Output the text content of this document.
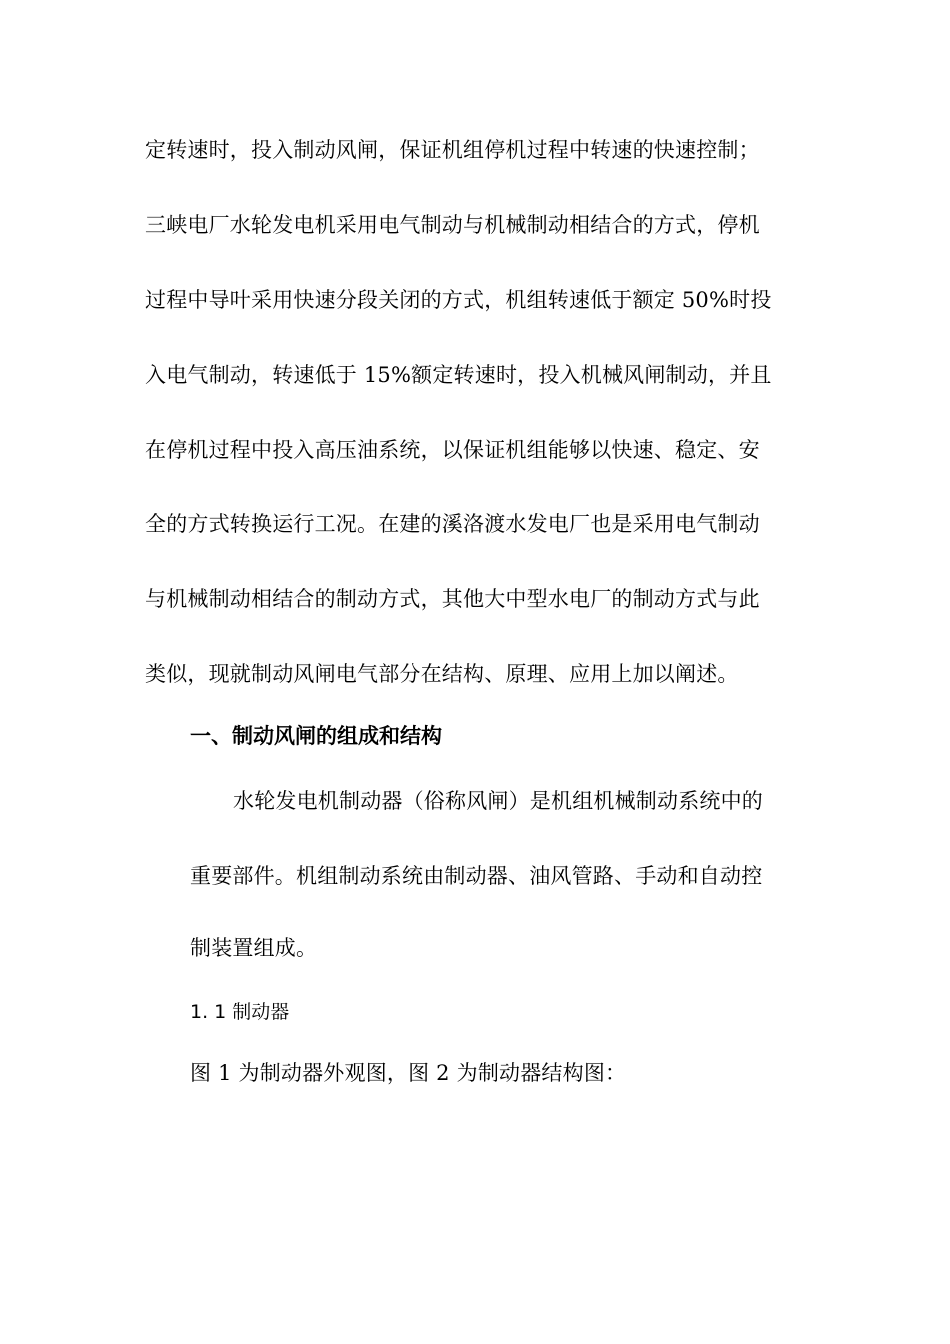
定转速时，投入制动风闸，保证机组停机过程中转速的快速控制；
三峡电厂水轮发电机采用电气制动与机械制动相结合的方式，停机
过程中导叶采用快速分段关闭的方式，机组转速低于额定 50%时投
入电气制动，转速低于 15%额定转速时，投入机械风闸制动，并且
在停机过程中投入高压油系统，以保证机组能够以快速、稳定、安
全的方式转换运行工况。在建的溪洛渡水发电厂也是采用电气制动
与机械制动相结合的制动方式，其他大中型水电厂的制动方式与此
类似，现就制动风闸电气部分在结构、原理、应用上加以阐述。
一、制动风闸的组成和结构
水轮发电机制动器（俗称风闸）是机组机械制动系统中的
重要部件。机组制动系统由制动器、油风管路、手动和自动控
制装置组成。
1. 1 制动器
图 1 为制动器外观图，图 2 为制动器结构图：
